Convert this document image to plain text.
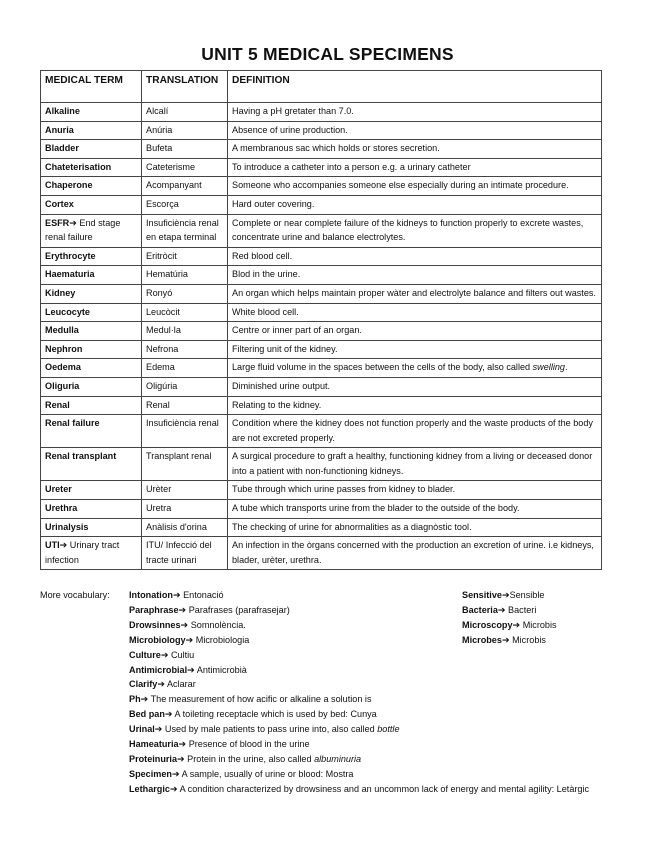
UNIT 5 MEDICAL SPECIMENS
MEDICAL TERM	TRANSLATION	DEFINITION
Alkaline	Alcalí	Having a pH gretater than 7.0.
Anuria	Anúria	Absence of urine production.
Bladder	Bufeta	A membranous sac which holds or stores secretion.
Chateterisation	Cateterisme	To introduce a catheter into a person e.g. a urinary catheter
Chaperone	Acompanyant	Someone who accompanies someone else especially during an intimate procedure.
Cortex	Escorça	Hard outer covering.
ESFR➔ End stage renal failure	Insuficiència renal en etapa terminal	Complete or near complete failure of the kidneys to function properly to excrete wastes, concentrate urine and balance electrolytes.
Erythrocyte	Eritròcit	Red blood cell.
Haematuria	Hematúria	Blod in the urine.
Kidney	Ronyó	An organ which helps maintain proper wàter and electrolyte balance and filters out wastes.
Leucocyte	Leucòcit	White blood cell.
Medulla	Medul·la	Centre or inner part of an organ.
Nephron	Nefrona	Filtering unit of the kidney.
Oedema	Edema	Large fluid volume in the spaces between the cells of the body, also called swelling.
Oliguria	Oligúria	Diminished urine output.
Renal	Renal	Relating to the kidney.
Renal failure	Insuficiència renal	Condition where the kidney does not function properly and the waste products of the body are not excreted properly.
Renal transplant	Transplant renal	A surgical procedure to graft a healthy, functioning kidney from a living or deceased donor into a patient with non-functioning kidneys.
Ureter	Urèter	Tube through which urine passes from kidney to blader.
Urethra	Uretra	A tube which transports urine from the blader to the outside of the body.
Urinalysis	Anàlisis d'orina	The checking of urine for abnormalities as a diagnòstic tool.
UTI➔ Urinary tract infection	ITU/ Infecció del tracte urinari	An infection in the òrgans concerned with the production an excretion of urine. i.e kidneys, blader, urèter, urethra.
More vocabulary: Intonation➔ Entonació
Paraphrase➔ Parafrases (parafrasejar)
Drowsinnes➔ Somnolència.
Microbiology➔ Microbiologia
Culture➔ Cultiu
Antimicrobial➔ Antimicrobià
Clarify➔ Aclarar
Ph➔ The measurement of how acific or alkaline a solution is
Bed pan➔ A toileting receptacle which is used by bed: Cunya
Urinal➔ Used by male patients to pass urine into, also called bottle
Hameaturia➔ Presence of blood in the urine
Proteinuria➔ Protein in the urine, also called albuminuria
Specimen➔ A sample, usually of urine or blood: Mostra
Lethargic➔ A condition characterized by drowsiness and an uncommon lack of energy and mental agility: Letàrgic
Sensitive➔Sensible
Bacteria➔ Bacteri
Microscopy➔ Microbis
Microbes➔ Microbis
